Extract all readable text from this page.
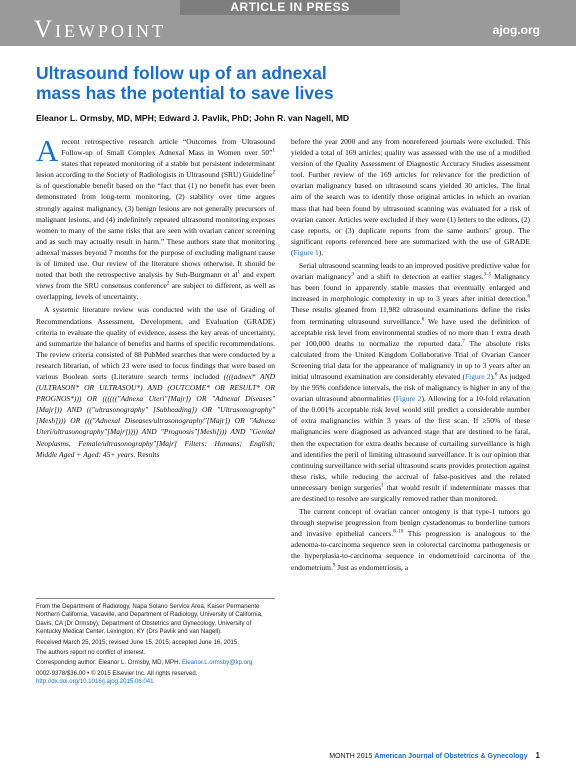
ARTICLE IN PRESS
Viewpoint	ajog.org
Ultrasound follow up of an adnexal mass has the potential to save lives

Eleanor L. Ormsby, MD, MPH; Edward J. Pavlik, PhD; John R. van Nagell, MD

Arecent retrospective research article “Outcomes from Ultrasound Follow-up of Small Complex Adnexal Mass in Women over 50”$^1$ states that repeated monitoring of a stable but persistent indeterminant lesion according to the Society of Radiologists in Ultrasound (SRU) Guideline$^2$ is of questionable benefit based on the “fact that (1) no benefit has ever been demonstrated from long-term monitoring, (2) stability over time argues strongly against malignancy, (3) benign lesions are not generally precursors of malignant lesions, and (4) indefinitely repeated ultrasound monitoring exposes women to many of the same risks that are seen with ovarian cancer screening and as such may actually result in harm.” These authors state that monitoring adnexal masses beyond 7 months for the purpose of excluding malignant cause is of limited use. Our review of the literature shows otherwise. It should be noted that both the retrospective analysis by Suh-Burgmann et $al^1$ and expert views from the SRU consensus conference$^2$ are subject to different, as well as overlapping, levels of uncertainty.

A systemic literature review was conducted with the use of Grading of Recommendations Assessment, Development, and Evaluation (GRADE) criteria to evaluate the quality of evidence, assess the key areas of uncertainty, and summarize the balance of benefits and harms of specific recommendations. The review criteria consisted of 88 PubMed searches that were conducted by a research librarian, of which 23 were used to focus findings that were based on various Boolean sorts (Literature search terms included ((((adnex* AND (ULTRASON* OR ULTRASOU*) AND (OUTCOME* OR RESULT* OR PROGNOS*))) OR (((((("Adnexa Uteri"[Majr]) OR "Adnexal Diseases"[Majr])) AND (("ultrasonography" [Subheading]) OR "Ultrasonography"[Mesh]))) OR ((("Adnexal Diseases/ultrasonography"[Majr]) OR "Adnexa Uteri/ultrasonography"[Majr])))) AND "Prognosis"[Mesh]))) AND "Genital Neoplasms, Female/ultrasonography"[Majr] Filters: Humans; English; Middle Aged + Aged: 45+ years. Results

before the year 2000 and any from nonrefereed journals were excluded. This yielded a total of 169 articles; quality was assessed with the use of a modified version of the Quality Assessment of Diagnostic Accuracy Studies assessment tool. Further review of the 169 articles for relevance for the prediction of ovarian malignancy based on ultrasound scans yielded 30 articles. The final aim of the search was to identify those original articles in which an ovarian mass that had been found by ultrasound scanning was evaluated for a risk of ovarian cancer. Articles were excluded if they were (1) letters to the editors, (2) case reports, or (3) duplicate reports from the same authors’ group. The significant reports referenced here are summarized with the use of GRADE (Figure 1).

Serial ultrasound scanning leads to an improved positive predictive value for ovarian malignancy$^3$ and a shift to detection at earlier stages.$^{3-5}$ Malignancy has been found in apparently stable masses that eventually enlarged and increased in morphologic complexity in up to 3 years after initial detection.$^6$ These results gleaned from 11,982 ultrasound examinations define the risks from terminating ultrasound surveillance.$^6$ We have used the definition of acceptable risk level from environmental studies of no more than 1 extra death per 100,000 deaths to normalize the reported data.$^7$ The absolute risks calculated from the United Kingdom Collaborative Trial of Ovarian Cancer Screening trial data for the appearance of malignancy in up to 3 years after an initial ultrasound examination are considerably elevated (Figure 2).$^6$ As judged by the 95% confidence intervals, the risk of malignancy is higher in any of the ovarian ultrasound abnormalities (Figure 2). Allowing for a 10-fold relaxation of the 0.001% acceptable risk level would still predict a considerable number of extra malignancies within 3 years of the first scan. If ≥50% of these malignancies were diagnosed as advanced stage that are destined to be fatal, then the expectation for extra deaths because of curtailing surveillance is high and identifies the peril of limiting ultrasound surveillance. It is our opinion that continuing surveillance with serial ultrasound scans provides protection against these risks, while reducing the accrual of false-positives and the related unnecessary benign surgeries$^1$ that would result if indeterminate masses that are destined to resolve are surgically removed rather than monitored.

The current concept of ovarian cancer ontogeny is that type-1 tumors go through stepwise progression from benign cystadenomas to borderline tumors and invasive epithelial cancers.$^{8-10}$ This progression is analogous to the adenoma-to-carcinoma sequence seen in colorectal carcinoma pathogenesis or the hyperplasia-to-carcinoma sequence in endometrioid carcinoma of the endometrium.$^9$ Just as endometriosis, a

From the Department of Radiology, Napa Solano Service Area, Kaiser Permanente Northern California, Vacaville, and Department of Radiology, University of California, Davis, CA (Dr Ormsby); Department of Obstetrics and Gynecology, University of Kentucky Medical Center, Lexington, KY (Drs Pavlik and van Nagell).

Received March 25, 2015; revised June 15, 2015; accepted June 16, 2015.

The authors report no conflict of interest.

Corresponding author: Eleanor L. Ormsby, MD, MPH. Eleanor.L.ormsby@kp.org

0002-9378/$36.00 • © 2015 Elsevier Inc. All rights reserved.
http://dx.doi.org/10.1016/j.ajog.2015.06.041

MONTH 2015 American Journal of Obstetrics & Gynecology 1
